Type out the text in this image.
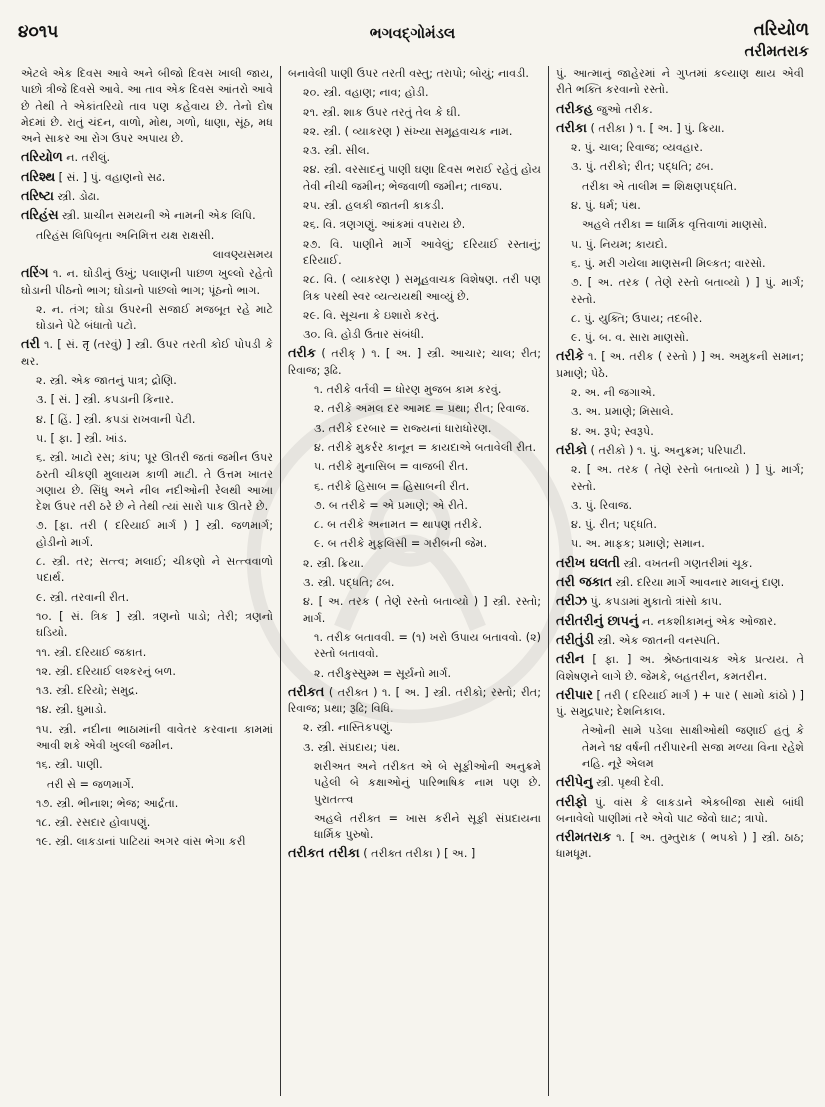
૪૦૧૫	ભગવદ્ગોમંડલ	તરિયોળ
તરીમતરાક
એટલે એક દિવસ આવે અને બીજો દિવસ ખાલી જાય, પાછો ત્રીજે દિવસે આવે. આ તાવ એક દિવસ આંતરો આવે છે તેથી તે એકાંતરિયો તાવ પણ કહેવાય છે. તેનો દોષ મેદમાં છે. રાતું ચંદન, વાળો, મોથ, ગળો, ધાણા, સૂંઠ, મધ અને સાકર આ રોગ ઉપર અપાય છે.
તરિયોળ ન. તરીલું.
તરિશ્થ [ સં. ] પું. વહાણનો સઢ.
તરિષ્ટા સ્ત્રી. ડોઢા.
તરિહંસ સ્ત્રી. પ્રાચીન સમયની એ નામની એક લિપિ.
તરિહંસ લિપિબૃતા અનિમિત્ત યક્ષ રાક્ષસી.
લાવણ્યસમય
તરિંગ ૧. ન. ઘોડીનું ઉખું; પલાણની પાછળ ખુલ્લો રહેતો ઘોડાની પીઠનો ભાગ; ઘોડાનો પાછલો ભાગ; પૂંઠનો ભાગ.
૨. ન. તંગ; ઘોડા ઉપરની સજાઈ મજબૂત રહે માટે ઘોડાને પેટે બંધાતો પટો.
તરી ૧. [ સં. तृ (તરવું) ] સ્ત્રી. ઉપર તરતી કોઈ પોપડી કે થર.
૨. સ્ત્રી. એક જાતનું પાત્ર; દ્રોણિ.
૩. [ સં. ] સ્ત્રી. કપડાની કિનાર.
૪. [ હિં. ] સ્ત્રી. કપડાં રાખવાની પેટી.
૫. [ ફા. ] સ્ત્રી. ખાંડ.
૬. સ્ત્રી. ખાટો રસ; કાંપ; પૂર ઊતરી જતાં જમીન ઉપર ઠરતી ચીકણી મુલાયમ કાળી માટી. તે ઉત્તમ ખાતર ગણાય છે. સિંધુ અને નીલ નદીઓની રેલથી આખા દેશ ઉપર તરી ઠરે છે ને તેથી ત્યાં સારો પાક ઊતરે છે.
૭. [ફા. તરી ( દરિયાઈ માર્ગ ) ] સ્ત્રી. જળમાર્ગ; હોડીનો માર્ગ.
૮. સ્ત્રી. તર; સત્ત્વ; મલાઈ; ચીકણો ને સત્ત્વવાળો પદાર્થ.
૯. સ્ત્રી. તરવાની રીત.
૧૦. [ સં. ત્રિક ] સ્ત્રી. ત્રણનો પાડો; તેરી; ત્રણનો ઘડિયો.
૧૧. સ્ત્રી. દરિયાઈ જકાત.
૧૨. સ્ત્રી. દરિયાઈ લશ્કરનું બળ.
૧૩. સ્ત્રી. દરિયો; સમુદ્ર.
૧૪. સ્ત્રી. ધુમાડો.
૧૫. સ્ત્રી. નદીના ભાઠામાંની વાવેતર કરવાના કામમાં આવી શકે એવી ખુલ્લી જમીન.
૧૬. સ્ત્રી. પાણી.
તરી સે = જળમાર્ગે.
૧૭. સ્ત્રી. ભીનાશ; ભેજ; આર્દ્રતા.
૧૮. સ્ત્રી. રસદાર હોવાપણું.
૧૯. સ્ત્રી. લાકડાનાં પાટિયાં અગર વાંસ ભેગા કરી
બનાવેલી પાણી ઉપર તરતી વસ્તુ; તરાપો; બોયું; નાવડી.
૨૦. સ્ત્રી. વહાણ; નાવ; હોડી.
૨૧. સ્ત્રી. શાક ઉપર તરતું તેલ કે ઘી.
૨૨. સ્ત્રી. ( વ્યાકરણ ) સંખ્યા સમૂહવાચક નામ.
૨૩. સ્ત્રી. સીલ.
૨૪. સ્ત્રી. વરસાદનું પાણી ઘણા દિવસ ભરાઈ રહેતું હોય તેવી નીચી જમીન; ભેજવાળી જમીન; તાજપ.
૨૫. સ્ત્રી. હલકી જાતની કાકડી.
૨૬. વિ. ત્રણગણું. આંકમાં વપરાય છે.
૨૭. વિ. પાણીને માર્ગે આવેલું; દરિયાઈ રસ્તાનું; દરિયાઈ.
૨૮. વિ. ( વ્યાકરણ ) સમૂહવાચક વિશેષણ. તરી પણ ત્રિક પરથી સ્વર વ્યત્યયથી આવ્યું છે.
૨૯. વિ. સૂચના કે ઇશારો કરતું.
૩૦. વિ. હોડી ઉતાર સંબંધી.
તરીક ( તરીક્ ) ૧. [ અ. ] સ્ત્રી. આચાર; ચાલ; રીત; રિવાજ; રૂઢિ.
૧. તરીકે વર્તવી = ધોરણ મુજબ કામ કરવું.
૨. તરીકે અમલ દર આમદ = પ્રથા; રીત; રિવાજ.
૩. તરીકે દરબાર = રાજ્યનાં ધારાધોરણ.
૪. તરીકે મુકર્રર કાનૂન = કાયદાએ બતાવેલી રીત.
૫. તરીકે મુનાસિબ = વાજબી રીત.
૬. તરીકે હિસાબ = હિસાબની રીત.
૭. બ તરીકે = એ પ્રમાણે; એ રીતે.
૮. બ તરીકે અનામત = થાપણ તરીકે.
૯. બ તરીકે મુફલિસી = ગરીબની જેમ.
૨. સ્ત્રી. ક્રિયા.
૩. સ્ત્રી. પદ્ધતિ; ઢબ.
૪. [ અ. તરક ( તેણે રસ્તો બતાવ્યો ) ] સ્ત્રી. રસ્તો; માર્ગ.
૧. તરીક બતાવવી. = (૧) ખરો ઉપાય બતાવવો. (૨) રસ્તો બતાવવો.
૨. તરીકુસ્સુમ્મ = સૂર્યનો માર્ગ.
તરીકત ( તરીક્ત ) ૧. [ અ. ] સ્ત્રી. તરીકો; રસ્તો; રીત; રિવાજ; પ્રથા; રૂઢિ; વિધિ.
૨. સ્ત્રી. નાસ્તિકપણું.
૩. સ્ત્રી. સંપ્રદાય; પંથ.
શરીઅત અને તરીકત એ બે સૂફીઓની અનુક્રમે પહેલી બે કક્ષાઓનું પારિભાષિક નામ પણ છે. પુરાતત્ત્વ
અહલે તરીક્ત = ખાસ કરીને સૂફી સંપ્રદાયના ધાર્મિક પુરુષો.
તરીકત તરીકા ( તરીક્ત તરીકા ) [ અ. ]
પું. આત્માનું જાહેરમાં ને ગુપ્તમાં કલ્યાણ થાય એવી રીતે ભક્તિ કરવાનો રસ્તો.
તરીકહ જુઓ તરીક.
તરીકા ( તરીક઼ા ) ૧. [ અ. ] પું. ક્રિયા.
૨. પું. ચાલ; રિવાજ; વ્યવહાર.
૩. પું. તરીકો; રીત; પદ્ધતિ; ઢબ.
તરીકા એ તાલીમ = શિક્ષણપદ્ધતિ.
૪. પું. ધર્મ; પંથ.
અહલે તરીકા = ધાર્મિક વૃત્તિવાળાં માણસો.
૫. પું. નિયમ; કાયદો.
૬. પું. મરી ગયેલા માણસની મિલ્કત; વારસો.
૭. [ અ. તરક ( તેણે રસ્તો બતાવ્યો ) ] પું. માર્ગ; રસ્તો.
૮. પું. યુક્તિ; ઉપાય; તદબીર.
૯. પું. બ. વ. સારા માણસો.
તરીકે ૧. [ અ. તરીક ( રસ્તો ) ] અ. અમુકની સમાન; પ્રમાણે; પેઠે.
૨. અ. ની જગાએ.
૩. અ. પ્રમાણે; મિસાલે.
૪. અ. રૂપે; સ્વરૂપે.
તરીકો ( તરીક઼ો ) ૧. પું. અનુક્રમ; પરિપાટી.
૨. [ અ. તરક ( તેણે રસ્તો બતાવ્યો ) ] પું. માર્ગ; રસ્તો.
૩. પું. રિવાજ.
૪. પું. રીત; પદ્ધતિ.
૫. અ. માફક; પ્રમાણે; સમાન.
તરીખ ઘલતી સ્ત્રી. વખતની ગણતરીમાં ચૂક.
તરી જકાત સ્ત્રી. દરિયા માર્ગે આવનાર માલનું દાણ.
તરીઝ પું. કપડામાં મુકાતો ત્રાંસો કાપ.
તરીતરીનું છાપનું ન. નકશીકામનું એક ઓજાર.
તરીતુંડી સ્ત્રી. એક જાતની વનસ્પતિ.
તરીન [ ફા. ] અ. શ્રેષ્ઠતાવાચક એક પ્રત્યય. તે વિશેષણને લાગે છે. જેમકે, બહતરીન, કમતરીન.
તરીપાર [ તરી ( દરિયાઈ માર્ગ ) + પાર ( સામો કાંઠો ) ] પું. સમુદ્રપાર; દેશનિકાલ.
તેઓની સામે પડેલા સાક્ષીઓથી જણાઈ હતું કે તેમને ૧૪ વર્ષની તરીપારની સજા મળ્યા વિના રહેશે નહિ. નૂરે એલમ
તરીપેનુ સ્ત્રી. પૃથ્વી દેવી.
તરીફો પું. વાંસ કે લાકડાને એકબીજા સાથે બાંધી બનાવેલો પાણીમાં તરે એવો પાટ જેવો ઘાટ; ત્રાપો.
તરીમતરાક ૧. [ અ. તુમ્તુરાક઼ ( ભપકો ) ] સ્ત્રી. ઠાઠ; ધામધૂમ.
